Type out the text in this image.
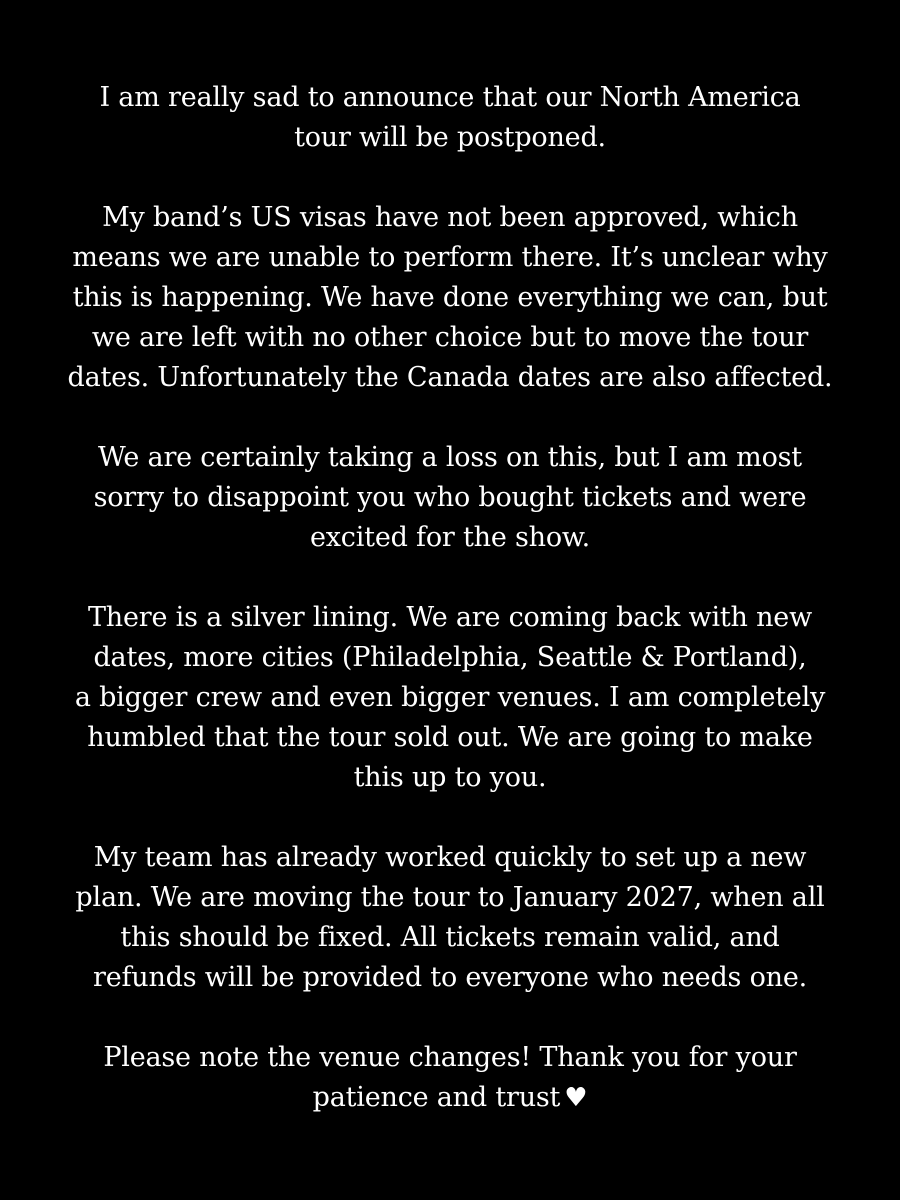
I am really sad to announce that our North America
tour will be postponed.

My band’s US visas have not been approved, which
means we are unable to perform there. It’s unclear why
this is happening. We have done everything we can, but
we are left with no other choice but to move the tour
dates. Unfortunately the Canada dates are also affected.

We are certainly taking a loss on this, but I am most
sorry to disappoint you who bought tickets and were
excited for the show.

There is a silver lining. We are coming back with new
dates, more cities (Philadelphia, Seattle & Portland),
a bigger crew and even bigger venues. I am completely
humbled that the tour sold out. We are going to make
this up to you.

My team has already worked quickly to set up a new
plan. We are moving the tour to January 2027, when all
this should be fixed. All tickets remain valid, and
refunds will be provided to everyone who needs one.

Please note the venue changes! Thank you for your
patience and trust ♥
